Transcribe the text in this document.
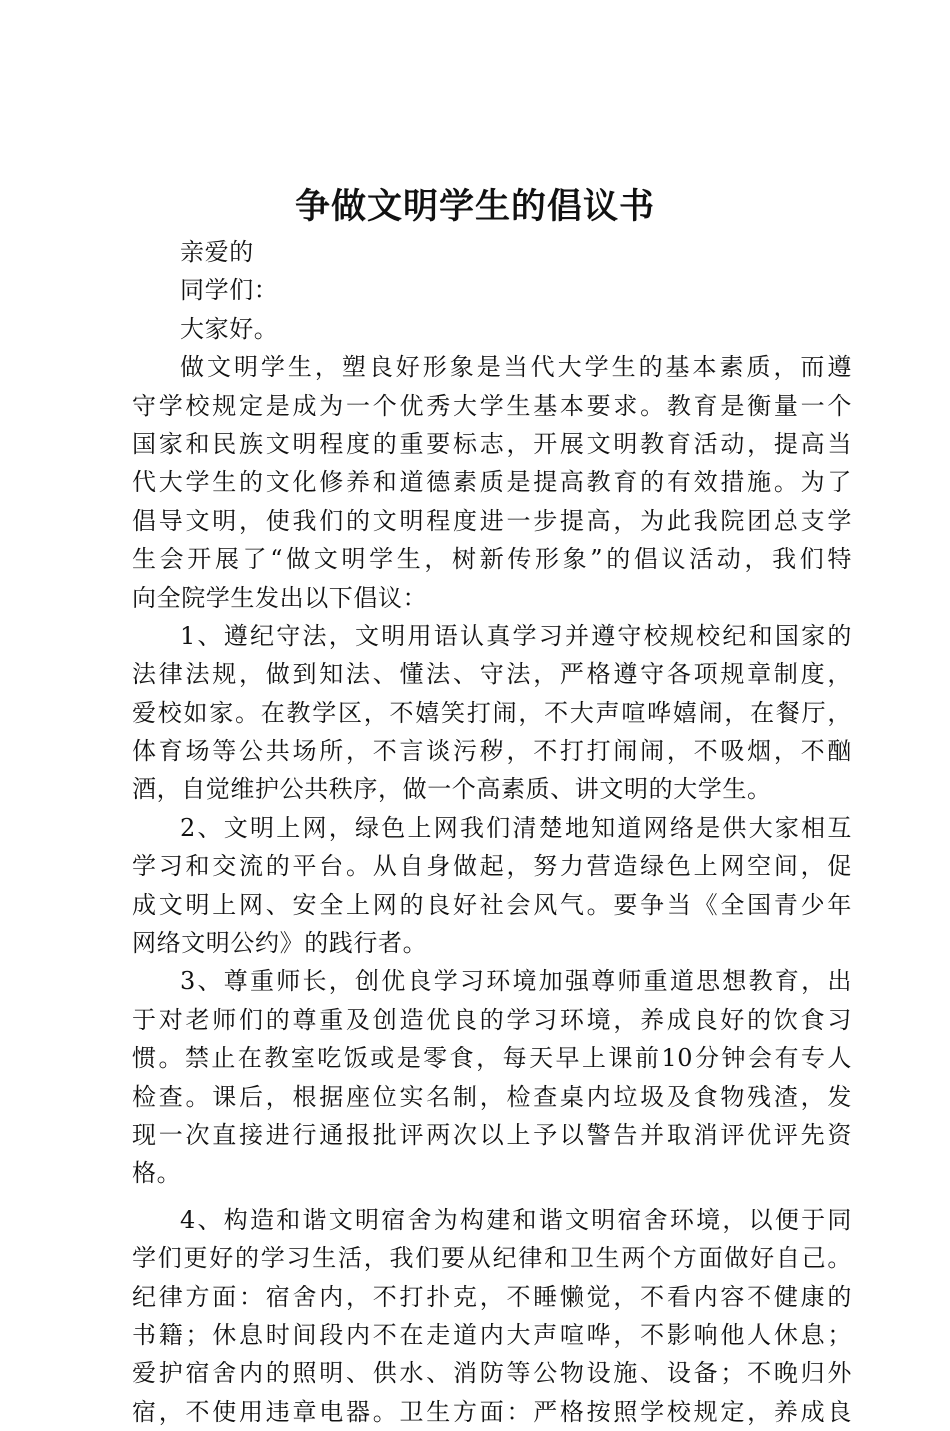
争做文明学生的倡议书
亲爱的
同学们：
大家好。
做文明学生，塑良好形象是当代大学生的基本素质，而遵
守学校规定是成为一个优秀大学生基本要求。教育是衡量一个
国家和民族文明程度的重要标志，开展文明教育活动，提高当
代大学生的文化修养和道德素质是提高教育的有效措施。为了
倡导文明，使我们的文明程度进一步提高，为此我院团总支学
生会开展了“做文明学生，树新传形象”的倡议活动，我们特
向全院学生发出以下倡议：
1、遵纪守法，文明用语认真学习并遵守校规校纪和国家的
法律法规，做到知法、懂法、守法，严格遵守各项规章制度，
爱校如家。在教学区，不嬉笑打闹，不大声喧哗嬉闹，在餐厅，
体育场等公共场所，不言谈污秽，不打打闹闹，不吸烟，不酗
酒，自觉维护公共秩序，做一个高素质、讲文明的大学生。
2、文明上网，绿色上网我们清楚地知道网络是供大家相互
学习和交流的平台。从自身做起，努力营造绿色上网空间，促
成文明上网、安全上网的良好社会风气。要争当《全国青少年
网络文明公约》的践行者。
3、尊重师长，创优良学习环境加强尊师重道思想教育，出
于对老师们的尊重及创造优良的学习环境，养成良好的饮食习
惯。禁止在教室吃饭或是零食，每天早上课前10分钟会有专人
检查。课后，根据座位实名制，检查桌内垃圾及食物残渣，发
现一次直接进行通报批评两次以上予以警告并取消评优评先资
格。
4、构造和谐文明宿舍为构建和谐文明宿舍环境，以便于同
学们更好的学习生活，我们要从纪律和卫生两个方面做好自己。
纪律方面：宿舍内，不打扑克，不睡懒觉，不看内容不健康的
书籍；休息时间段内不在走道内大声喧哗，不影响他人休息；
爱护宿舍内的照明、供水、消防等公物设施、设备；不晚归外
宿，不使用违章电器。卫生方面：严格按照学校规定，养成良
